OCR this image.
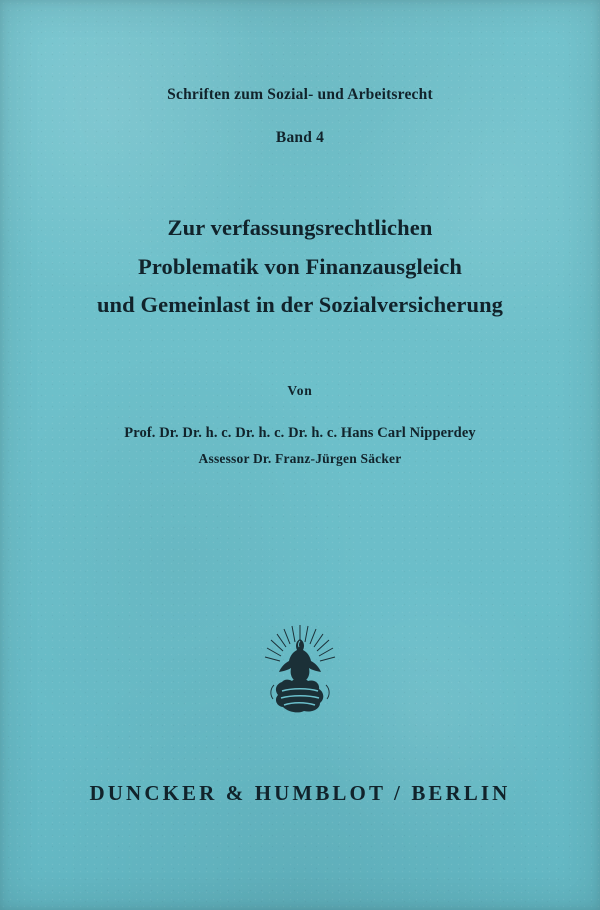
Schriften zum Sozial- und Arbeitsrecht
Band 4
Zur verfassungsrechtlichen
Problematik von Finanzausgleich
und Gemeinlast in der Sozialversicherung
Von
Prof. Dr. Dr. h. c. Dr. h. c. Dr. h. c. Hans Carl Nipperdey
Assessor Dr. Franz-Jürgen Säcker
DUNCKER & HUMBLOT / BERLIN
